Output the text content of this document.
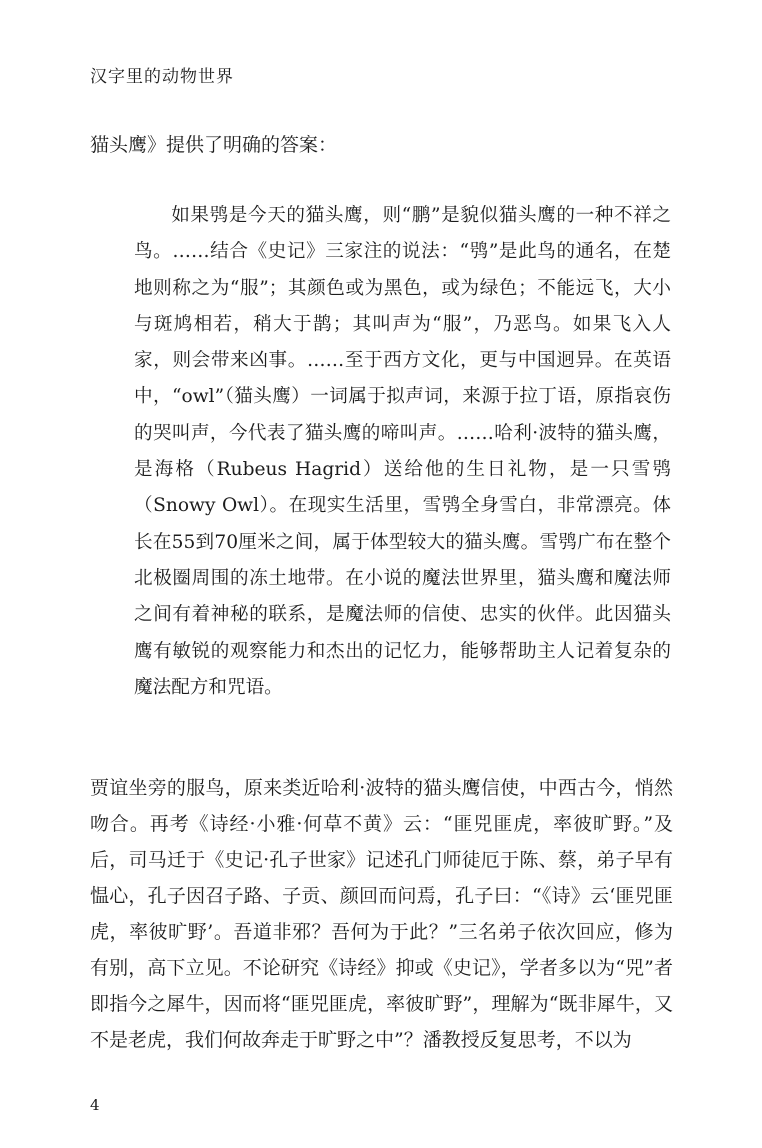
汉字里的动物世界
猫头鹰》提供了明确的答案：

如果鸮是今天的猫头鹰，则“鹏”是貌似猫头鹰的一种不祥之鸟。……结合《史记》三家注的说法：“鸮”是此鸟的通名，在楚地则称之为“服”；其颜色或为黑色，或为绿色；不能远飞，大小与斑鸠相若，稍大于鹊；其叫声为“服”，乃恶鸟。如果飞入人家，则会带来凶事。……至于西方文化，更与中国迥异。在英语中，“owl”（猫头鹰）一词属于拟声词，来源于拉丁语，原指哀伤的哭叫声，今代表了猫头鹰的啼叫声。……哈利·波特的猫头鹰，是海格（Rubeus Hagrid）送给他的生日礼物，是一只雪鸮（Snowy Owl）。在现实生活里，雪鸮全身雪白，非常漂亮。体长在55到70厘米之间，属于体型较大的猫头鹰。雪鸮广布在整个北极圈周围的冻土地带。在小说的魔法世界里，猫头鹰和魔法师之间有着神秘的联系，是魔法师的信使、忠实的伙伴。此因猫头鹰有敏锐的观察能力和杰出的记忆力，能够帮助主人记着复杂的魔法配方和咒语。

贾谊坐旁的服鸟，原来类近哈利·波特的猫头鹰信使，中西古今，悄然吻合。再考《诗经·小雅·何草不黄》云：“匪兕匪虎，率彼旷野。”及后，司马迁于《史记·孔子世家》记述孔门师徒厄于陈、蔡，弟子早有愠心，孔子因召子路、子贡、颜回而问焉，孔子曰：“《诗》云‘匪兕匪虎，率彼旷野’。吾道非邪？吾何为于此？”三名弟子依次回应，修为有别，高下立见。不论研究《诗经》抑或《史记》，学者多以为“兕”者即指今之犀牛，因而将“匪兕匪虎，率彼旷野”，理解为“既非犀牛，又不是老虎，我们何故奔走于旷野之中”？潘教授反复思考，不以为

4
